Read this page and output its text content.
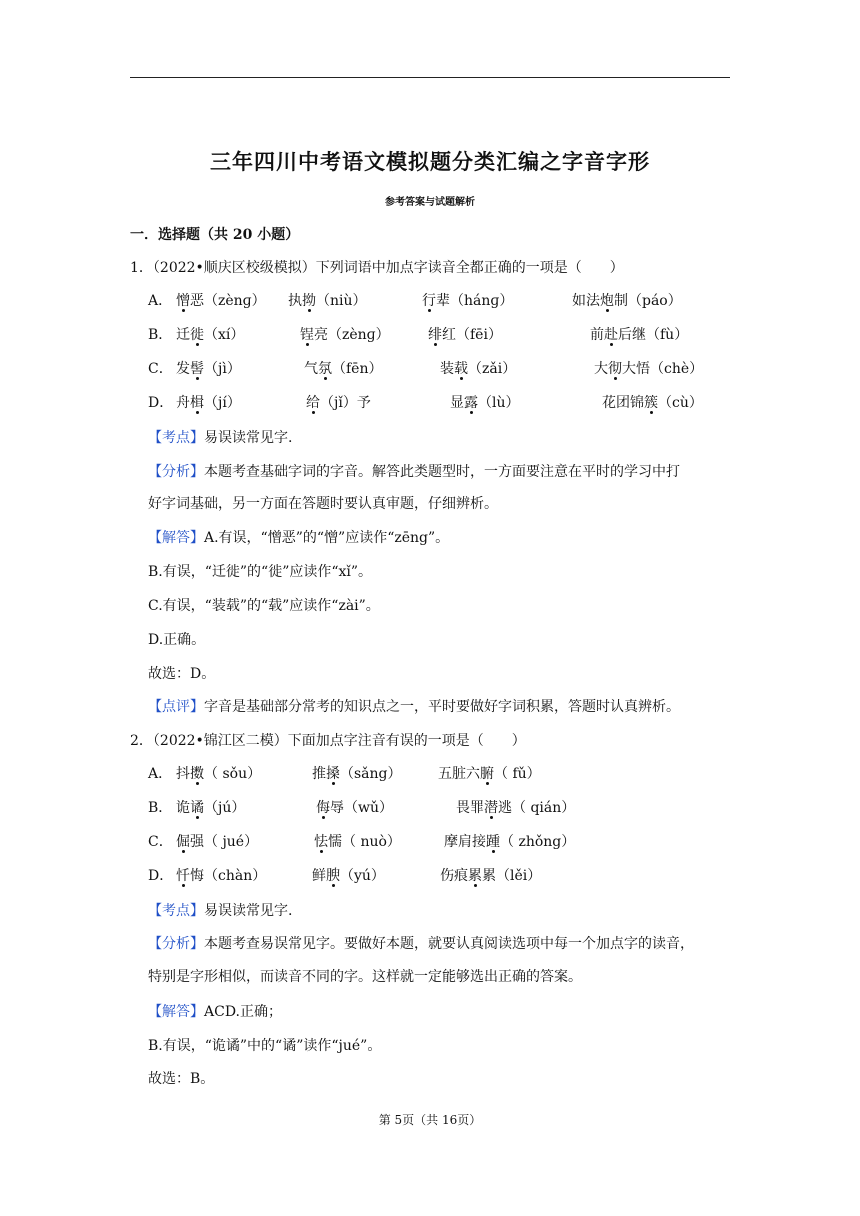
三年四川中考语文模拟题分类汇编之字音字形
参考答案与试题解析
一．选择题（共 20 小题）
1．（2022•顺庆区校级模拟）下列词语中加点字读音全都正确的一项是（　　）
A． 憎恶（zènɡ） 执拗（niù）	行辈（hánɡ）	如法炮制（páo）
B． 迁徙（xí）	锃亮（zènɡ）	绯红（fēi）	前赴后继（fù）
C． 发髻（jì）	气氛（fēn）	装载（zǎi）	大彻大悟（chè）
D． 舟楫（jí）	给（jǐ）予	显露（lù）	花团锦簇（cù）
【考点】易误读常见字.
【分析】本题考查基础字词的字音。解答此类题型时，一方面要注意在平时的学习中打
好字词基础，另一方面在答题时要认真审题，仔细辨析。
【解答】A.有误，“憎恶”的“憎”应读作“zēng”。
B.有误，“迁徙”的“徙”应读作“xǐ”。
C.有误，“装载”的“载”应读作“zài”。
D.正确。
故选：D。
【点评】字音是基础部分常考的知识点之一，平时要做好字词积累，答题时认真辨析。
2．（2022•锦江区二模）下面加点字注音有误的一项是（　　）
A． 抖擞（ sǒu）	推搡（sǎng）	五脏六腑（ fǔ）
B． 诡谲（jú）	侮辱（wǔ）	畏罪潜逃（ qián）
C． 倔强（ jué）	怯懦（ nuò）	摩肩接踵（ zhǒng）
D． 忏悔（chàn）	鲜腴（yú）	伤痕累累（lěi）
【考点】易误读常见字.
【分析】本题考查易误常见字。要做好本题，就要认真阅读选项中每一个加点字的读音，
特别是字形相似，而读音不同的字。这样就一定能够选出正确的答案。
【解答】ACD.正确；
B.有误，“诡谲”中的“谲”读作“jué”。
故选：B。
第 5页（共 16页）
